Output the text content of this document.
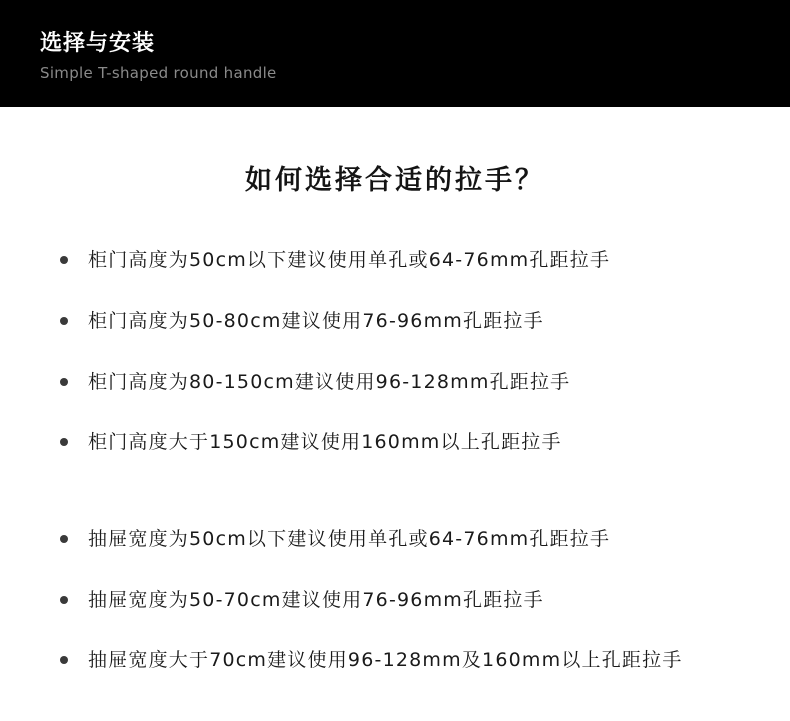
选择与安装
Simple T-shaped round handle
如何选择合适的拉手？
柜门高度为50cm以下建议使用单孔或64-76mm孔距拉手
柜门高度为50-80cm建议使用76-96mm孔距拉手
柜门高度为80-150cm建议使用96-128mm孔距拉手
柜门高度大于150cm建议使用160mm以上孔距拉手
抽屉宽度为50cm以下建议使用单孔或64-76mm孔距拉手
抽屉宽度为50-70cm建议使用76-96mm孔距拉手
抽屉宽度大于70cm建议使用96-128mm及160mm以上孔距拉手
